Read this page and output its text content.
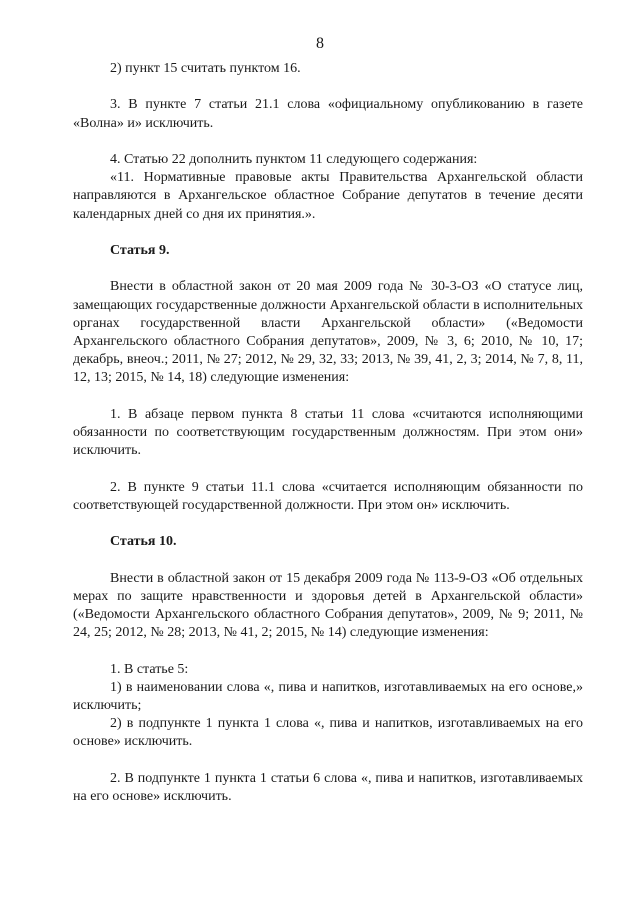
8

2) пункт 15 считать пунктом 16.

3. В пункте 7 статьи 21.1 слова «официальному опубликованию в газете «Волна» и» исключить.

4. Статью 22 дополнить пунктом 11 следующего содержания:

«11. Нормативные правовые акты Правительства Архангельской области направляются в Архангельское областное Собрание депутатов в течение десяти календарных дней со дня их принятия.».

Статья 9.

Внести в областной закон от 20 мая 2009 года № 30-3-ОЗ «О статусе лиц, замещающих государственные должности Архангельской области в исполнительных органах государственной власти Архангельской области» («Ведомости Архангельского областного Собрания депутатов», 2009, № 3, 6; 2010, № 10, 17; декабрь, внеоч.; 2011, № 27; 2012, № 29, 32, 33; 2013, № 39, 41, 2, 3; 2014, № 7, 8, 11, 12, 13; 2015, № 14, 18) следующие изменения:

1. В абзаце первом пункта 8 статьи 11 слова «считаются исполняющими обязанности по соответствующим государственным должностям. При этом они» исключить.

2. В пункте 9 статьи 11.1 слова «считается исполняющим обязанности по соответствующей государственной должности. При этом он» исключить.

Статья 10.

Внести в областной закон от 15 декабря 2009 года № 113-9-ОЗ «Об отдельных мерах по защите нравственности и здоровья детей в Архангельской области» («Ведомости Архангельского областного Собрания депутатов», 2009, № 9; 2011, № 24, 25; 2012, № 28; 2013, № 41, 2; 2015, № 14) следующие изменения:

1. В статье 5:

1) в наименовании слова «, пива и напитков, изготавливаемых на его основе,» исключить;

2) в подпункте 1 пункта 1 слова «, пива и напитков, изготавливаемых на его основе» исключить.

2. В подпункте 1 пункта 1 статьи 6 слова «, пива и напитков, изготавливаемых на его основе» исключить.
